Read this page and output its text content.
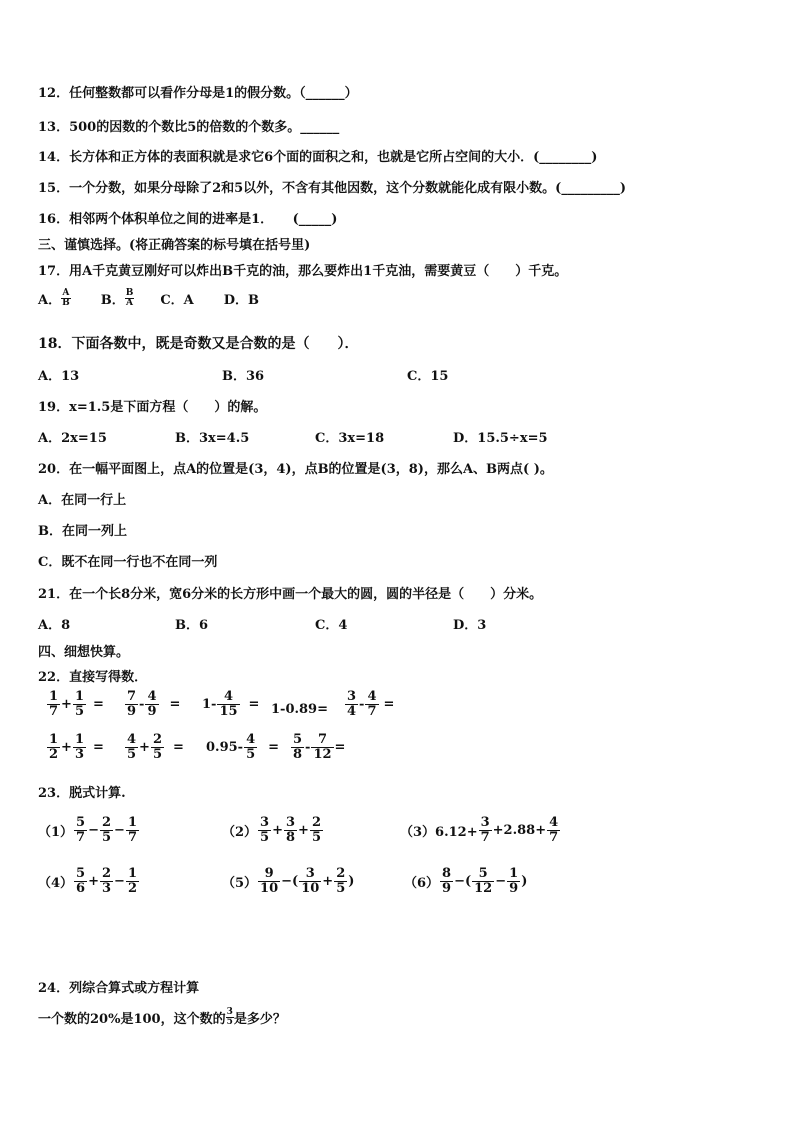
12．任何整数都可以看作分母是1的假分数。（______）
13．500的因数的个数比5的倍数的个数多。______
14．长方体和正方体的表面积就是求它6个面的面积之和，也就是它所占空间的大小．(________)
15．一个分数，如果分母除了2和5以外，不含有其他因数，这个分数就能化成有限小数。(_________)
16．相邻两个体积单位之间的进率是1．　　(_____)
三、谨慎选择。(将正确答案的标号填在括号里)
17．用A千克黄豆刚好可以炸出B千克的油，那么要炸出1千克油，需要黄豆（　　）千克。
A． A
B B． B
A C．A D．B
18．下面各数中，既是奇数又是合数的是（　　）．
A．13	B．36	C．15
19．x=1.5是下面方程（　　）的解。
A．2x=15	B．3x=4.5	C．3x=18	D．15.5÷x=5
20．在一幅平面图上，点A的位置是(3，4)，点B的位置是(3，8)，那么A、B两点( )。
A．在同一行上
B．在同一列上
C．既不在同一行也不在同一列
21．在一个长8分米，宽6分米的长方形中画一个最大的圆，圆的半径是（　　）分米。
A．8	B．6	C．4	D．3
四、细想快算。
22．直接写得数．
$\frac{1}{7} + \frac{1}{5} = \frac{7}{9} - \frac{4}{9} = 1- \frac{4}{15} = 1-0.89= \frac{3}{4} - \frac{4}{7}$ =
$\frac{1}{2} + \frac{1}{3} = \frac{4}{5} + \frac{2}{5} = 0.95- \frac{4}{5} = \frac{5}{8} - \frac{7}{12}$ =
23．脱式计算.
$(1) \frac{5}{7} - \frac{2}{5} - \frac{1}{7}$	$(2) \frac{3}{5} + \frac{3}{8} + \frac{2}{5}$	$(3)6.12+ \frac{3}{7} +2.88+ \frac{4}{7}$
$(4) \frac{5}{6} + \frac{2}{3} - \frac{1}{2}$	$(5) \frac{9}{10}$ −( $\frac{3}{10} + \frac{2}{5}$ )	$(6) \frac{8}{9}$ −( $\frac{5}{12} - \frac{1}{9}$ )
24．列综合算式或方程计算
一个数的20%是100，这个数的 3
5 是多少？
